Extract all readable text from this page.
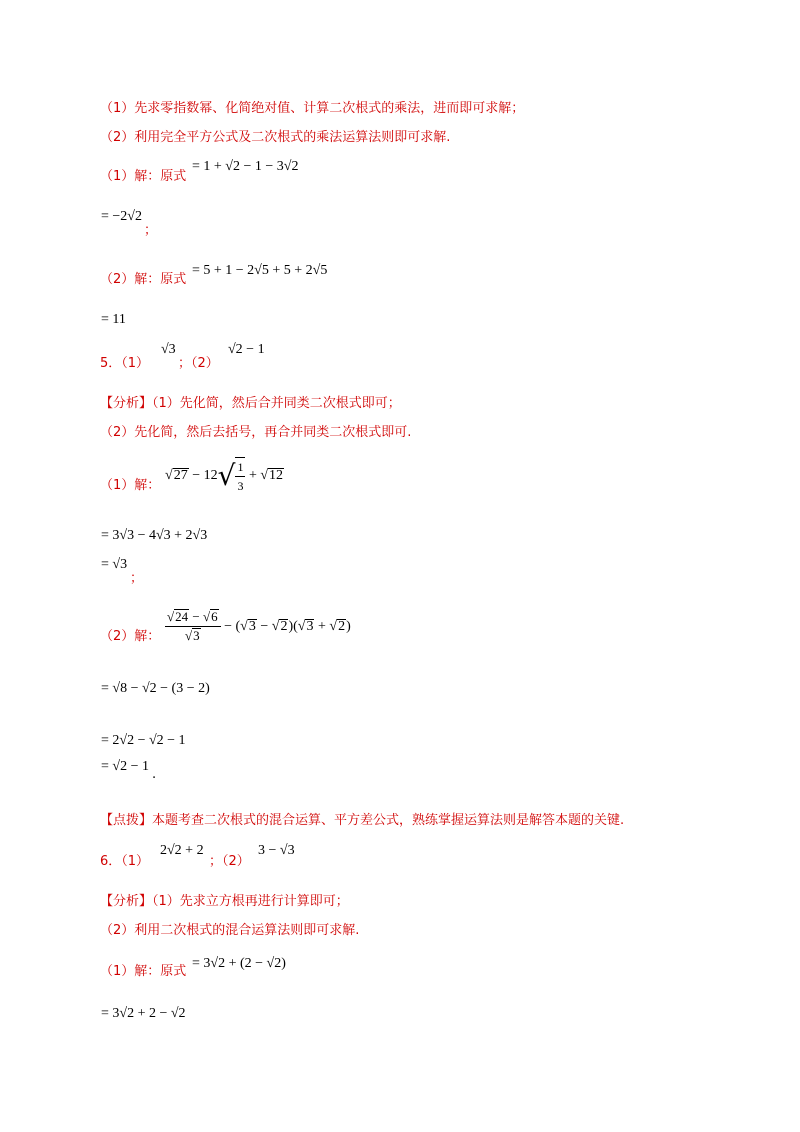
（1）先求零指数幂、化简绝对值、计算二次根式的乘法，进而即可求解；
（2）利用完全平方公式及二次根式的乘法运算法则即可求解.
（1）解：原式
= 1 + √2 − 1 − 3√2
= −2√2
；
（2）解：原式
= 5 + 1 − 2√5 + 5 + 2√5
= 11
5．（1）
√3
；（2）
√2 − 1
【分析】（1）先化简，然后合并同类二次根式即可；
（2）先化简，然后去括号，再合并同类二次根式即可.
（1）解：
√27 − 12 √ $\frac{1}{3} + √12$
= 3√3 − 4√3 + 2√3
= √3
；
（2）解： $\frac{√24 - √6}{√3} - (√3 - √2)(√3 + √2)$
= √8 − √2 − (3 − 2)
= 2√2 − √2 − 1
= √2 − 1
.
【点拨】本题考查二次根式的混合运算、平方差公式，熟练掌握运算法则是解答本题的关键.
6．（1）
2√2 + 2
；（2）
3 − √3
【分析】（1）先求立方根再进行计算即可；
（2）利用二次根式的混合运算法则即可求解.
（1）解：原式
= 3√2 + (2 − √2)
= 3√2 + 2 − √2
